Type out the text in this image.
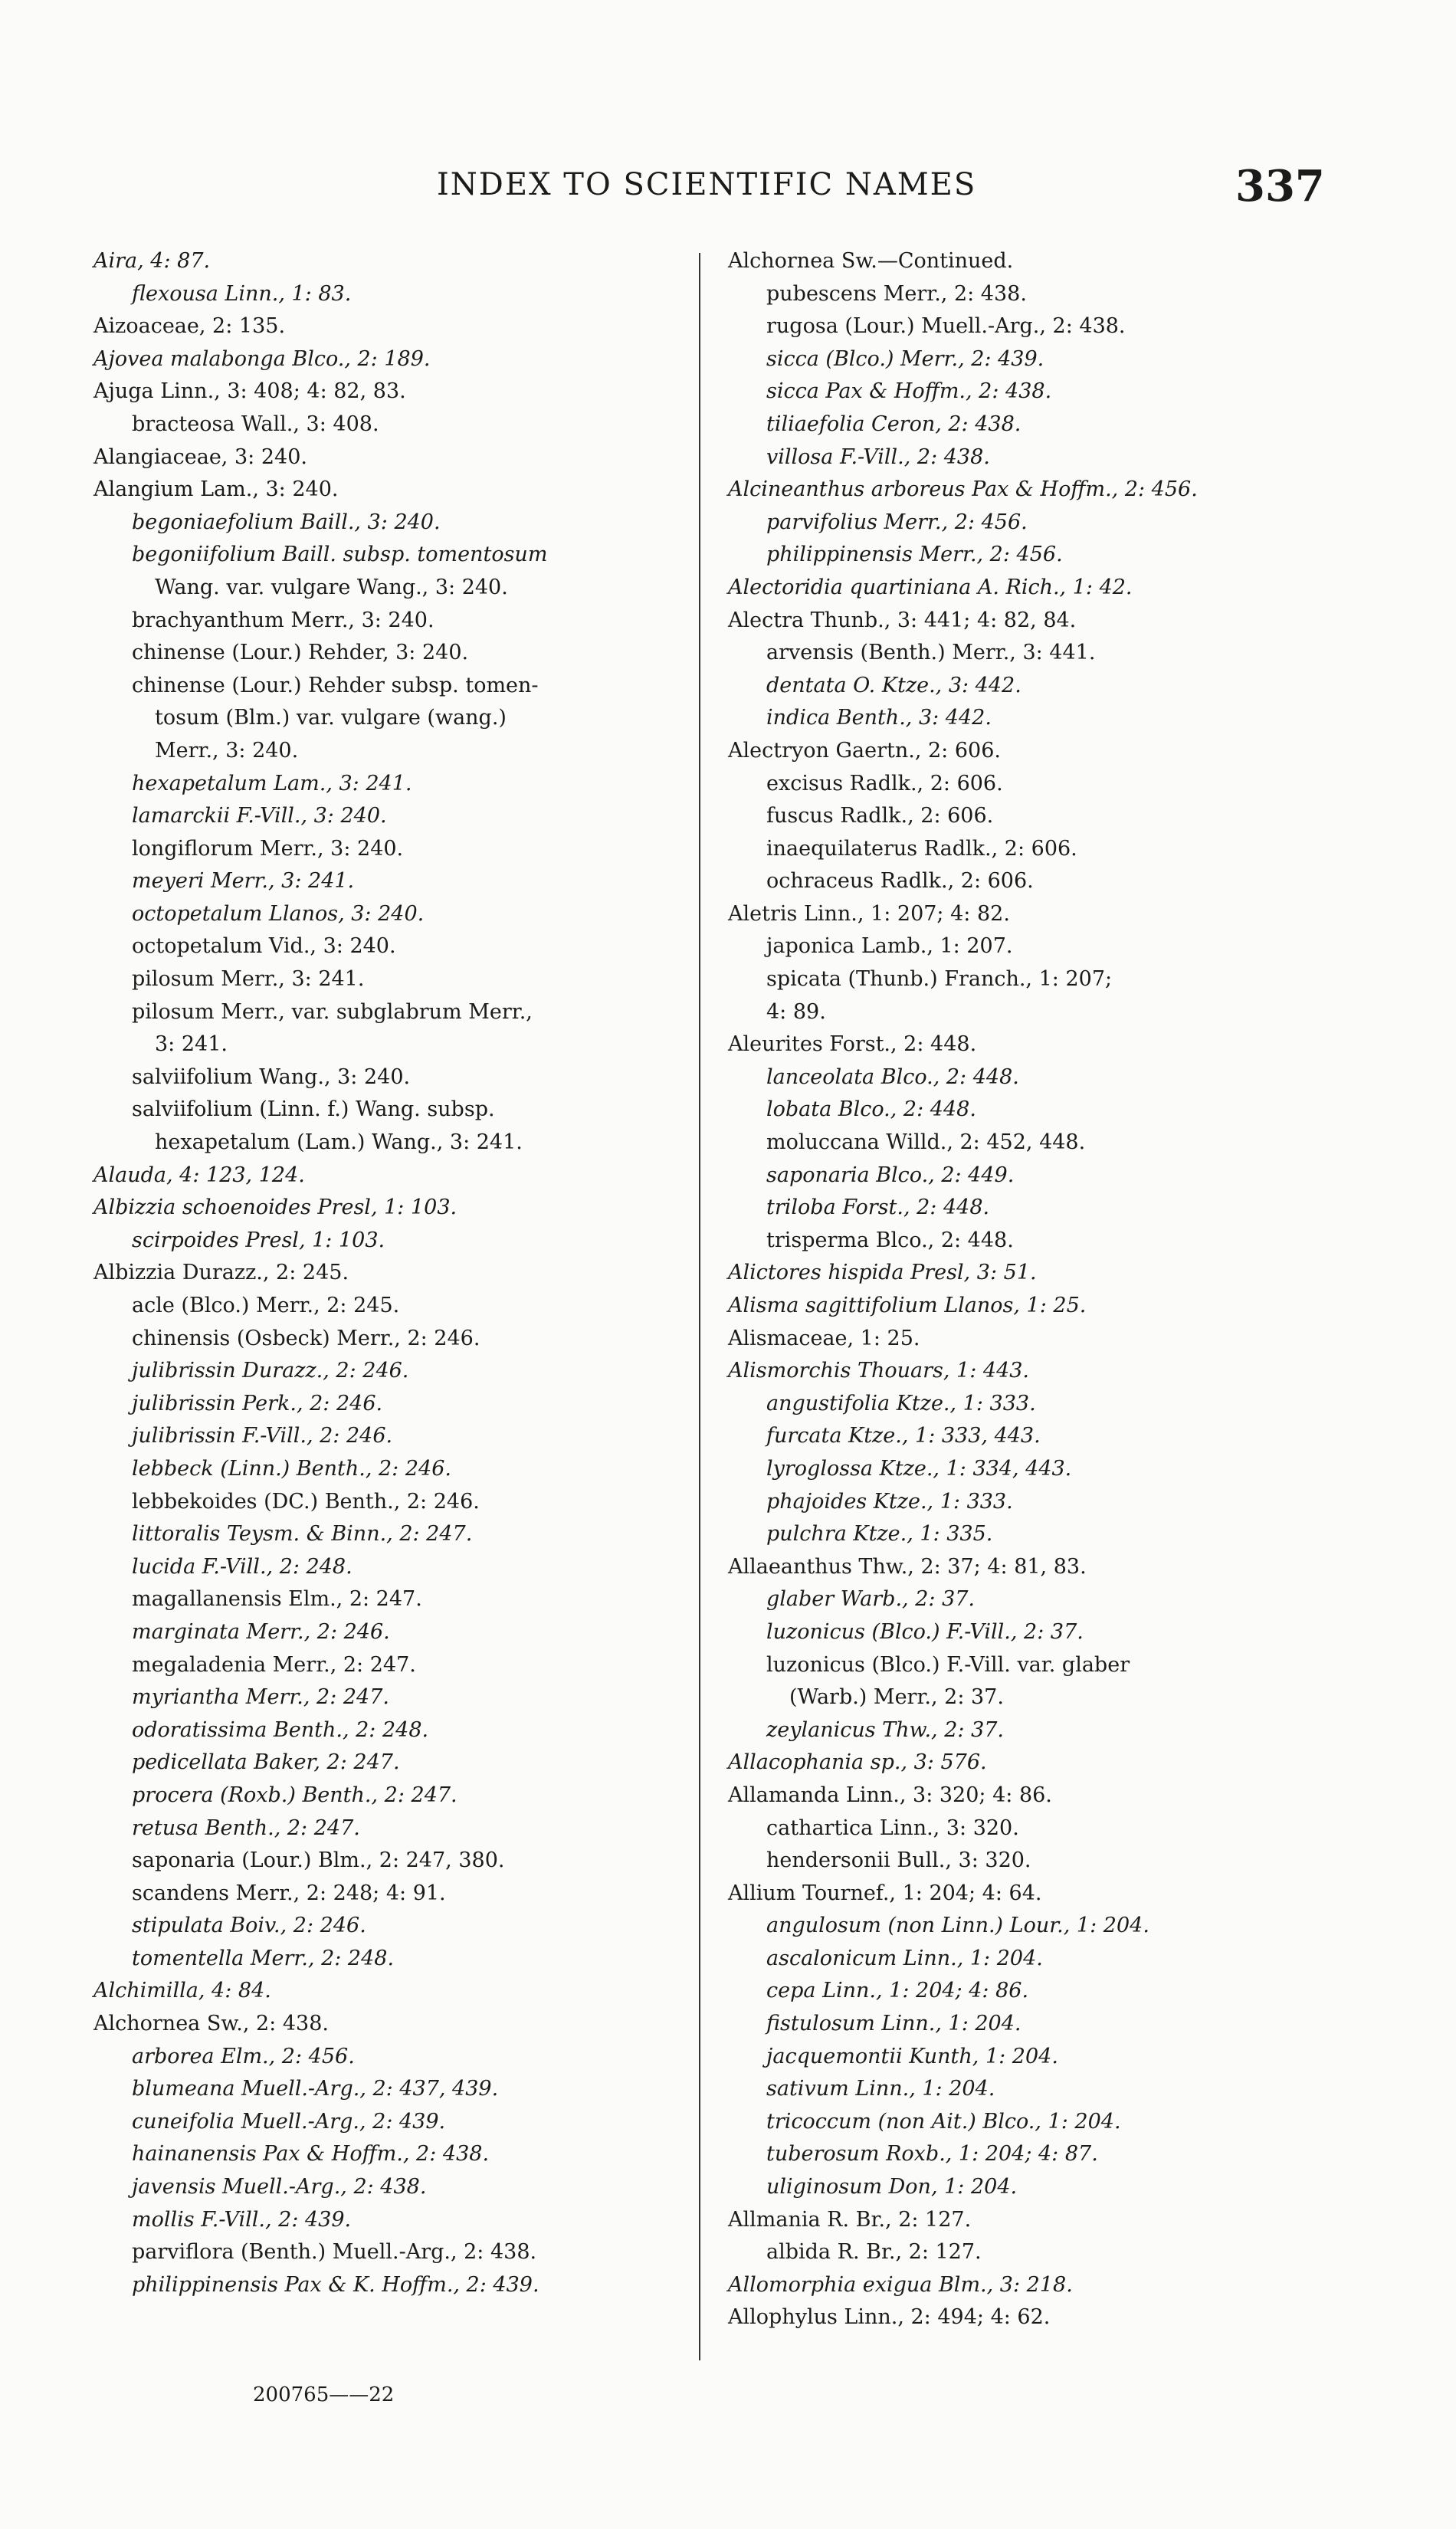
INDEX TO SCIENTIFIC NAMES	337
Aira, 4: 87.
flexousa Linn., 1: 83.
Aizoaceae, 2: 135.
Ajovea malabonga Blco., 2: 189.
Ajuga Linn., 3: 408; 4: 82, 83.
bracteosa Wall., 3: 408.
Alangiaceae, 3: 240.
Alangium Lam., 3: 240.
begoniaefolium Baill., 3: 240.
begoniifolium Baill. subsp. tomentosum
Wang. var. vulgare Wang., 3: 240.
brachyanthum Merr., 3: 240.
chinense (Lour.) Rehder, 3: 240.
chinense (Lour.) Rehder subsp. tomen-
tosum (Blm.) var. vulgare (wang.)
Merr., 3: 240.
hexapetalum Lam., 3: 241.
lamarckii F.-Vill., 3: 240.
longiflorum Merr., 3: 240.
meyeri Merr., 3: 241.
octopetalum Llanos, 3: 240.
octopetalum Vid., 3: 240.
pilosum Merr., 3: 241.
pilosum Merr., var. subglabrum Merr.,
3: 241.
salviifolium Wang., 3: 240.
salviifolium (Linn. f.) Wang. subsp.
hexapetalum (Lam.) Wang., 3: 241.
Alauda, 4: 123, 124.
Albizzia schoenoides Presl, 1: 103.
scirpoides Presl, 1: 103.
Albizzia Durazz., 2: 245.
acle (Blco.) Merr., 2: 245.
chinensis (Osbeck) Merr., 2: 246.
julibrissin Durazz., 2: 246.
julibrissin Perk., 2: 246.
julibrissin F.-Vill., 2: 246.
lebbeck (Linn.) Benth., 2: 246.
lebbekoides (DC.) Benth., 2: 246.
littoralis Teysm. & Binn., 2: 247.
lucida F.-Vill., 2: 248.
magallanensis Elm., 2: 247.
marginata Merr., 2: 246.
megaladenia Merr., 2: 247.
myriantha Merr., 2: 247.
odoratissima Benth., 2: 248.
pedicellata Baker, 2: 247.
procera (Roxb.) Benth., 2: 247.
retusa Benth., 2: 247.
saponaria (Lour.) Blm., 2: 247, 380.
scandens Merr., 2: 248; 4: 91.
stipulata Boiv., 2: 246.
tomentella Merr., 2: 248.
Alchimilla, 4: 84.
Alchornea Sw., 2: 438.
arborea Elm., 2: 456.
blumeana Muell.-Arg., 2: 437, 439.
cuneifolia Muell.-Arg., 2: 439.
hainanensis Pax & Hoffm., 2: 438.
javensis Muell.-Arg., 2: 438.
mollis F.-Vill., 2: 439.
parviflora (Benth.) Muell.-Arg., 2: 438.
philippinensis Pax & K. Hoffm., 2: 439.
Alchornea Sw.—Continued.
pubescens Merr., 2: 438.
rugosa (Lour.) Muell.-Arg., 2: 438.
sicca (Blco.) Merr., 2: 439.
sicca Pax & Hoffm., 2: 438.
tiliaefolia Ceron, 2: 438.
villosa F.-Vill., 2: 438.
Alcineanthus arboreus Pax & Hoffm., 2: 456.
parvifolius Merr., 2: 456.
philippinensis Merr., 2: 456.
Alectoridia quartiniana A. Rich., 1: 42.
Alectra Thunb., 3: 441; 4: 82, 84.
arvensis (Benth.) Merr., 3: 441.
dentata O. Ktze., 3: 442.
indica Benth., 3: 442.
Alectryon Gaertn., 2: 606.
excisus Radlk., 2: 606.
fuscus Radlk., 2: 606.
inaequilaterus Radlk., 2: 606.
ochraceus Radlk., 2: 606.
Aletris Linn., 1: 207; 4: 82.
japonica Lamb., 1: 207.
spicata (Thunb.) Franch., 1: 207;
4: 89.
Aleurites Forst., 2: 448.
lanceolata Blco., 2: 448.
lobata Blco., 2: 448.
moluccana Willd., 2: 452, 448.
saponaria Blco., 2: 449.
triloba Forst., 2: 448.
trisperma Blco., 2: 448.
Alictores hispida Presl, 3: 51.
Alisma sagittifolium Llanos, 1: 25.
Alismaceae, 1: 25.
Alismorchis Thouars, 1: 443.
angustifolia Ktze., 1: 333.
furcata Ktze., 1: 333, 443.
lyroglossa Ktze., 1: 334, 443.
phajoides Ktze., 1: 333.
pulchra Ktze., 1: 335.
Allaeanthus Thw., 2: 37; 4: 81, 83.
glaber Warb., 2: 37.
luzonicus (Blco.) F.-Vill., 2: 37.
luzonicus (Blco.) F.-Vill. var. glaber
(Warb.) Merr., 2: 37.
zeylanicus Thw., 2: 37.
Allacophania sp., 3: 576.
Allamanda Linn., 3: 320; 4: 86.
cathartica Linn., 3: 320.
hendersonii Bull., 3: 320.
Allium Tournef., 1: 204; 4: 64.
angulosum (non Linn.) Lour., 1: 204.
ascalonicum Linn., 1: 204.
cepa Linn., 1: 204; 4: 86.
fistulosum Linn., 1: 204.
jacquemontii Kunth, 1: 204.
sativum Linn., 1: 204.
tricoccum (non Ait.) Blco., 1: 204.
tuberosum Roxb., 1: 204; 4: 87.
uliginosum Don, 1: 204.
Allmania R. Br., 2: 127.
albida R. Br., 2: 127.
Allomorphia exigua Blm., 3: 218.
Allophylus Linn., 2: 494; 4: 62.
200765——22
